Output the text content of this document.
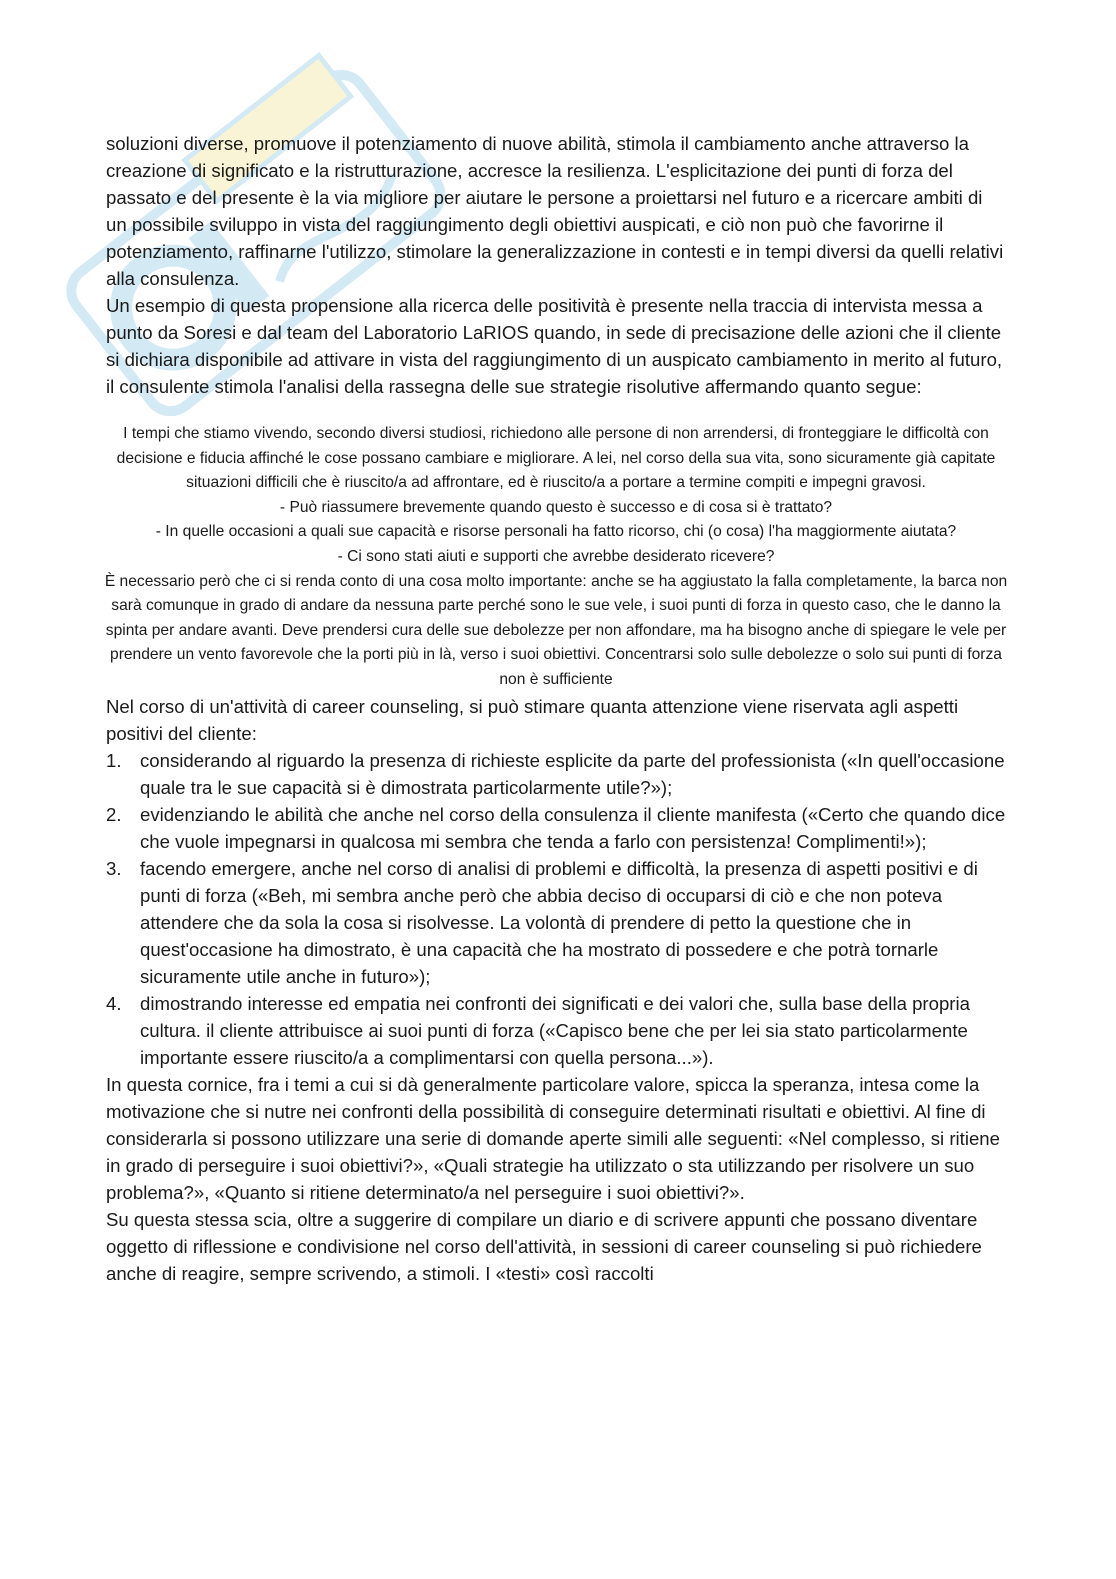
soluzioni diverse, promuove il potenziamento di nuove abilità, stimola il cambiamento anche attraverso la creazione di significato e la ristrutturazione, accresce la resilienza. L'esplicitazione dei punti di forza del passato e del presente è la via migliore per aiutare le persone a proiettarsi nel futuro e a ricercare ambiti di un possibile sviluppo in vista del raggiungimento degli obiettivi auspicati, e ciò non può che favorirne il potenziamento, raffinarne l'utilizzo, stimolare la generalizzazione in contesti e in tempi diversi da quelli relativi alla consulenza.

Un esempio di questa propensione alla ricerca delle positività è presente nella traccia di intervista messa a punto da Soresi e dal team del Laboratorio LaRIOS quando, in sede di precisazione delle azioni che il cliente si dichiara disponibile ad attivare in vista del raggiungimento di un auspicato cambiamento in merito al futuro, il consulente stimola l'analisi della rassegna delle sue strategie risolutive affermando quanto segue:

I tempi che stiamo vivendo, secondo diversi studiosi, richiedono alle persone di non arrendersi, di fronteggiare le difficoltà con decisione e fiducia affinché le cose possano cambiare e migliorare. A lei, nel corso della sua vita, sono sicuramente già capitate situazioni difficili che è riuscito/a ad affrontare, ed è riuscito/a a portare a termine compiti e impegni gravosi.

- Può riassumere brevemente quando questo è successo e di cosa si è trattato?

- In quelle occasioni a quali sue capacità e risorse personali ha fatto ricorso, chi (o cosa) l'ha maggiormente aiutata?

- Ci sono stati aiuti e supporti che avrebbe desiderato ricevere?

È necessario però che ci si renda conto di una cosa molto importante: anche se ha aggiustato la falla completamente, la barca non sarà comunque in grado di andare da nessuna parte perché sono le sue vele, i suoi punti di forza in questo caso, che le danno la spinta per andare avanti. Deve prendersi cura delle sue debolezze per non affondare, ma ha bisogno anche di spiegare le vele per prendere un vento favorevole che la porti più in là, verso i suoi obiettivi. Concentrarsi solo sulle debolezze o solo sui punti di forza non è sufficiente

Nel corso di un'attività di career counseling, si può stimare quanta attenzione viene riservata agli aspetti positivi del cliente:

1. considerando al riguardo la presenza di richieste esplicite da parte del professionista («In quell'occasione quale tra le sue capacità si è dimostrata particolarmente utile?»);
2. evidenziando le abilità che anche nel corso della consulenza il cliente manifesta («Certo che quando dice che vuole impegnarsi in qualcosa mi sembra che tenda a farlo con persistenza! Complimenti!»);
3. facendo emergere, anche nel corso di analisi di problemi e difficoltà, la presenza di aspetti positivi e di punti di forza («Beh, mi sembra anche però che abbia deciso di occuparsi di ciò e che non poteva attendere che da sola la cosa si risolvesse. La volontà di prendere di petto la questione che in quest'occasione ha dimostrato, è una capacità che ha mostrato di possedere e che potrà tornarle sicuramente utile anche in futuro»);
4. dimostrando interesse ed empatia nei confronti dei significati e dei valori che, sulla base della propria cultura. il cliente attribuisce ai suoi punti di forza («Capisco bene che per lei sia stato particolarmente importante essere riuscito/a a complimentarsi con quella persona...»).

In questa cornice, fra i temi a cui si dà generalmente particolare valore, spicca la speranza, intesa come la motivazione che si nutre nei confronti della possibilità di conseguire determinati risultati e obiettivi. Al fine di considerarla si possono utilizzare una serie di domande aperte simili alle seguenti: «Nel complesso, si ritiene in grado di perseguire i suoi obiettivi?», «Quali strategie ha utilizzato o sta utilizzando per risolvere un suo problema?», «Quanto si ritiene determinato/a nel perseguire i suoi obiettivi?».

Su questa stessa scia, oltre a suggerire di compilare un diario e di scrivere appunti che possano diventare oggetto di riflessione e condivisione nel corso dell'attività, in sessioni di career counseling si può richiedere anche di reagire, sempre scrivendo, a stimoli. I «testi» così raccolti
